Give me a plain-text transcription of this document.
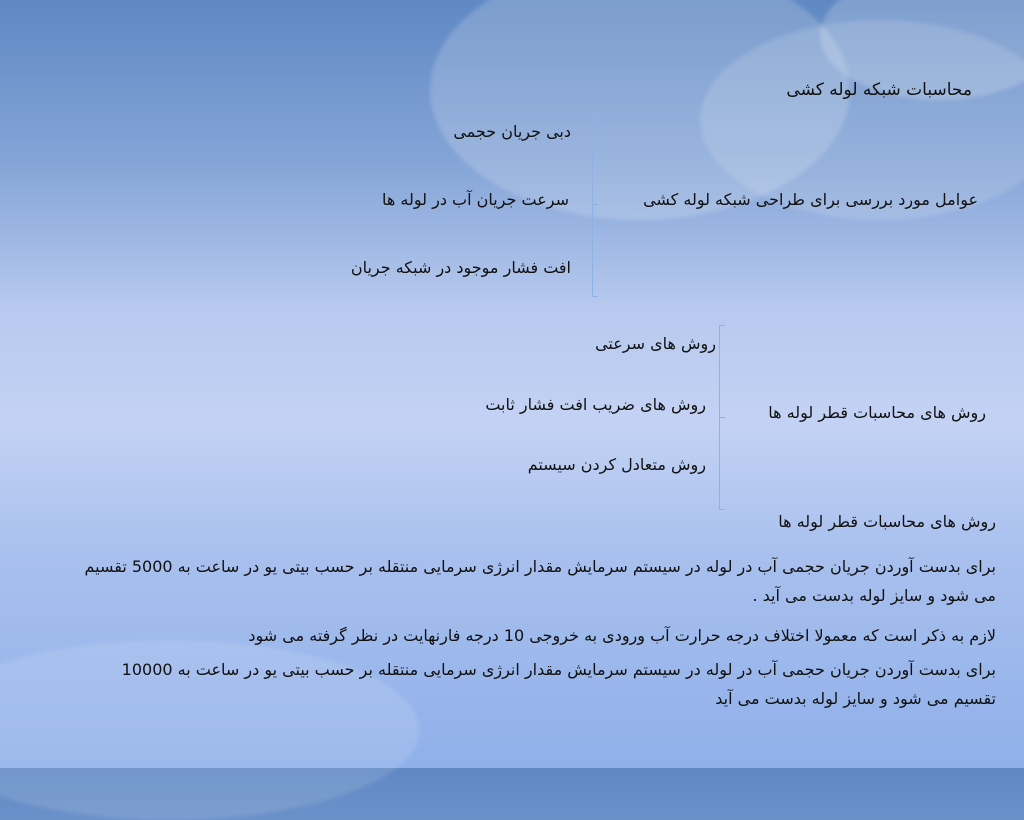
محاسبات شبکه لوله کشی
عوامل مورد بررسی برای طراحی شبکه لوله کشی
دبی جریان حجمی
سرعت جریان آب در لوله ها
افت فشار موجود در شبکه جریان
روش های محاسبات قطر لوله ها
روش های سرعتی
روش های ضریب افت فشار ثابت
روش متعادل کردن سیستم
روش های محاسبات قطر لوله ها
برای بدست آوردن جریان حجمی آب در لوله در سیستم سرمایش مقدار انرژی سرمایی منتقله بر حسب بیتی یو در ساعت به 5000 تقسیم می شود و سایز لوله بدست می آید .
لازم به ذکر است که معمولا اختلاف درجه حرارت آب ورودی به خروجی 10 درجه فارنهایت در نظر گرفته می شود
برای بدست آوردن جریان حجمی آب در لوله در سیستم سرمایش مقدار انرژی سرمایی منتقله بر حسب بیتی یو در ساعت به 10000 تقسیم می شود و سایز لوله بدست می آید
